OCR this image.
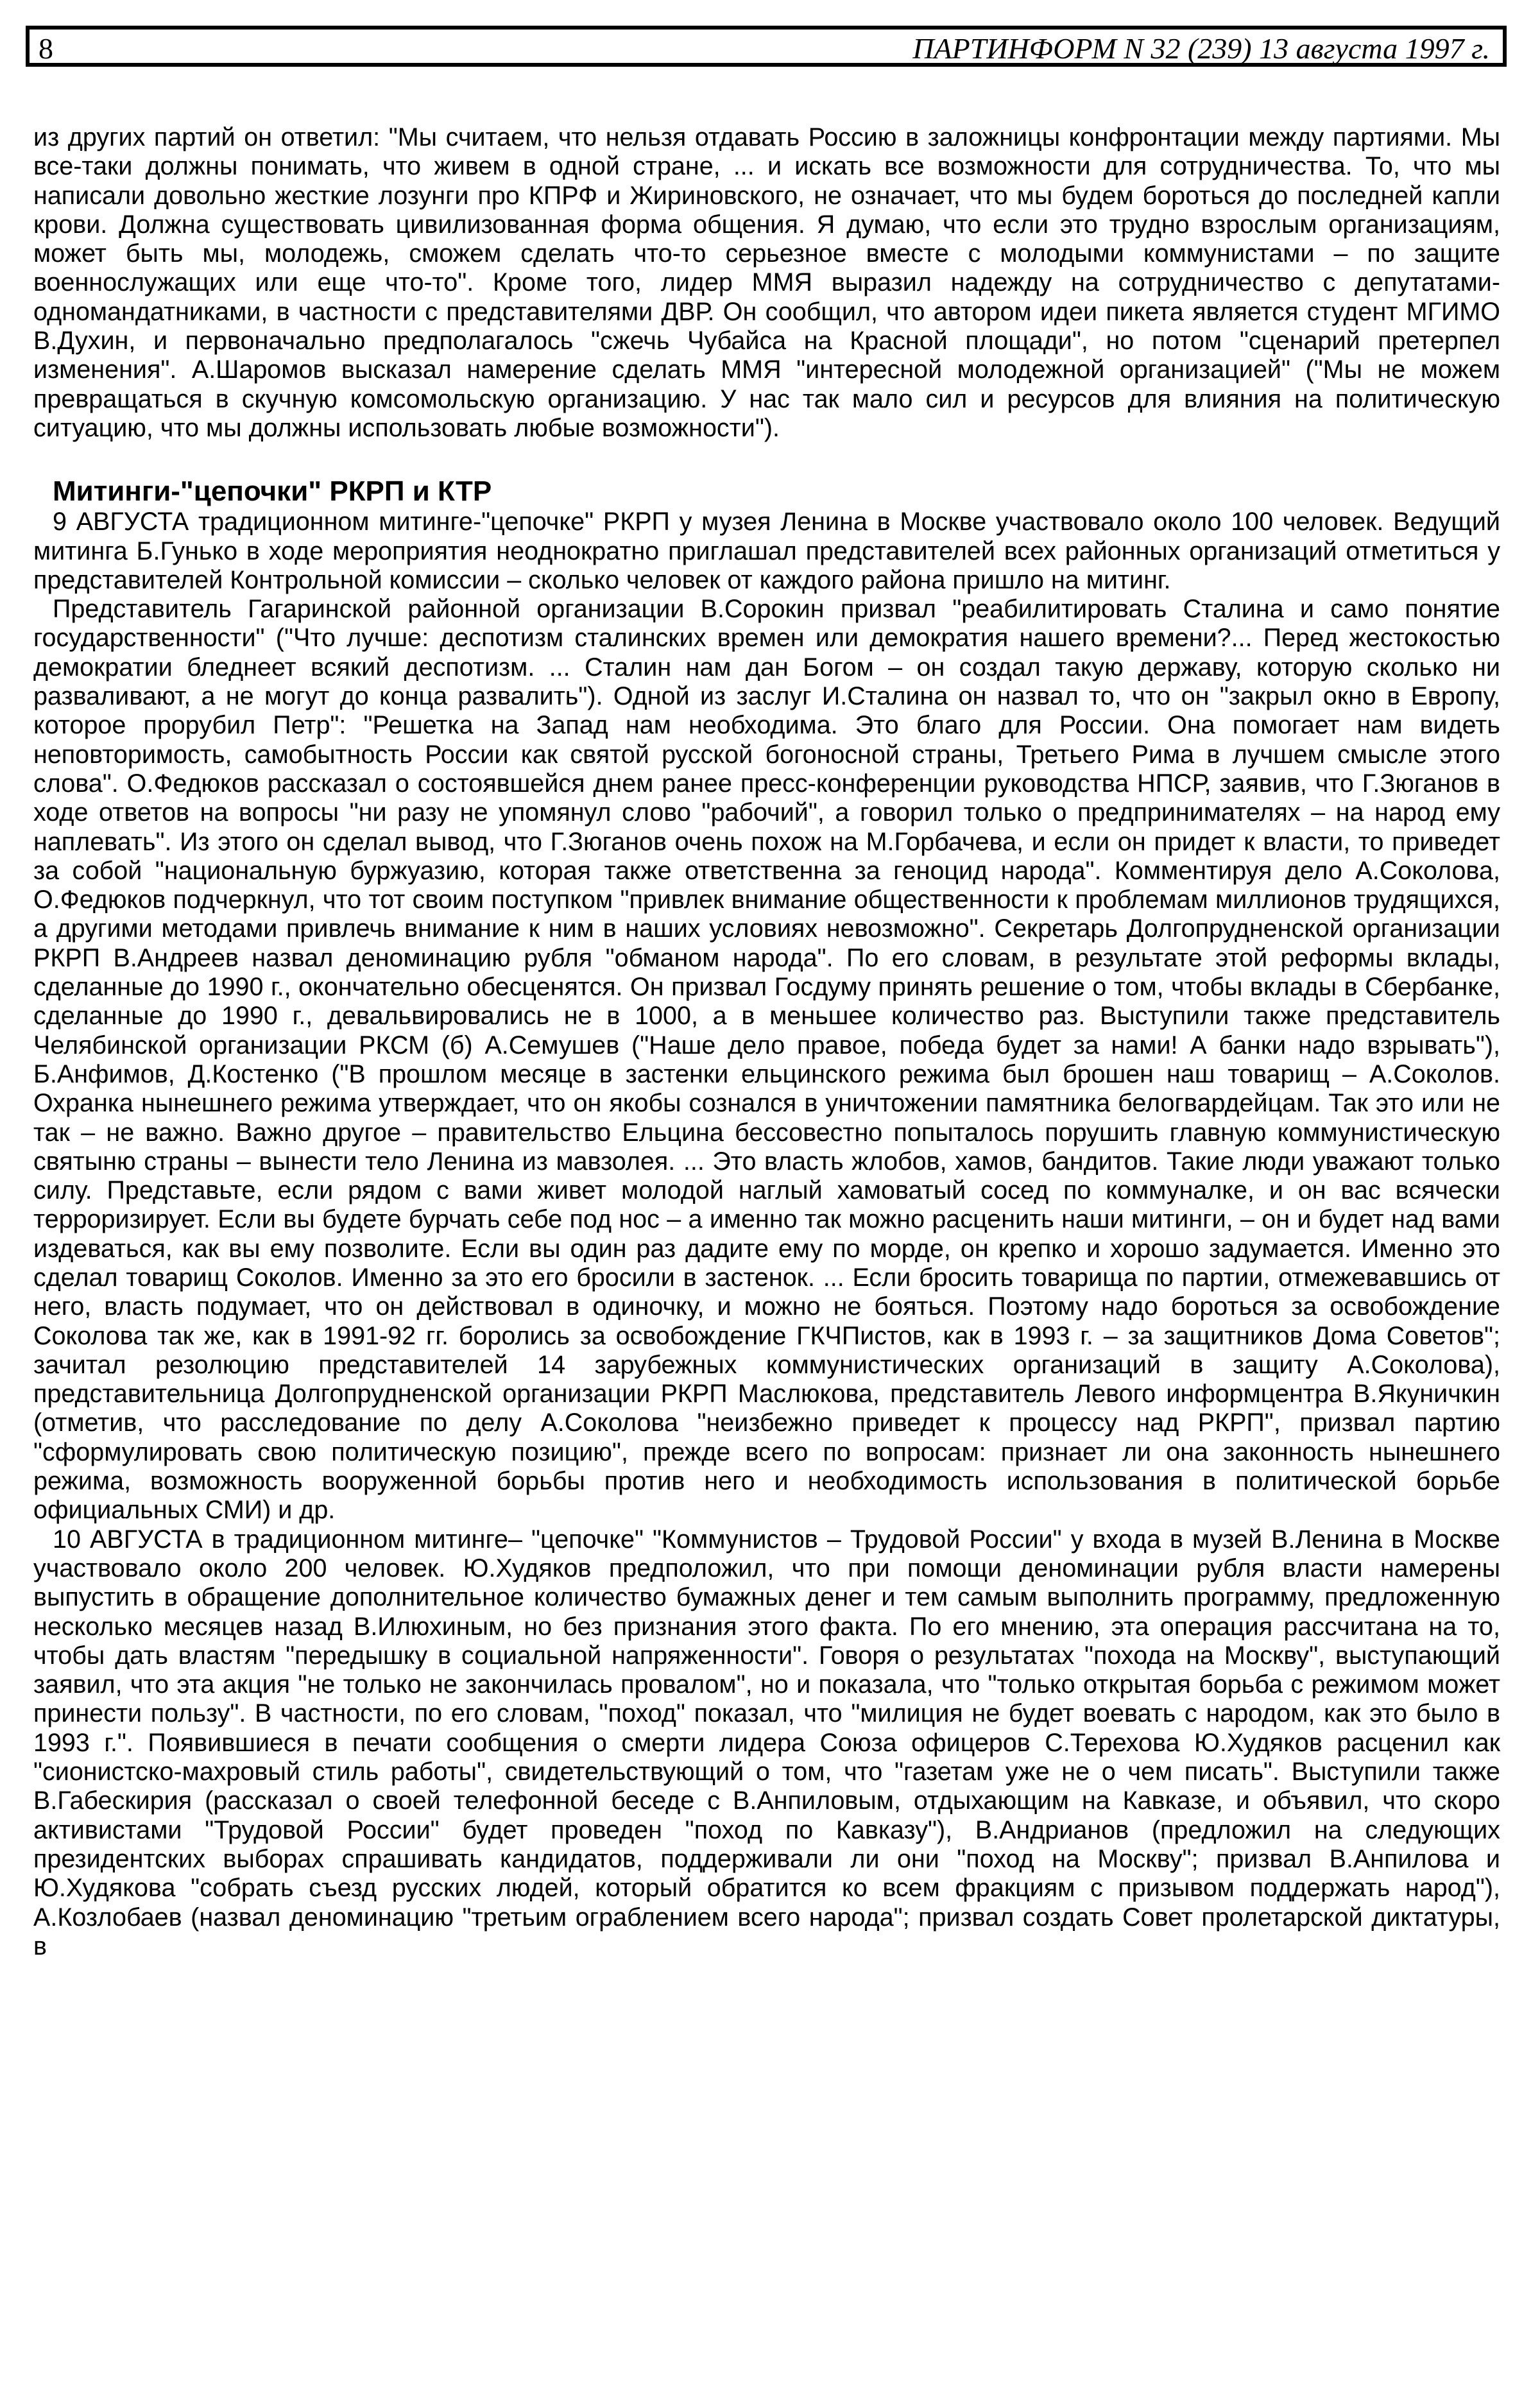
8	ПАРТИНФОРМ N 32 (239) 13 августа 1997 г.

из других партий он ответил: "Мы считаем, что нельзя отдавать Россию в заложницы конфронтации между партиями. Мы все-таки должны понимать, что живем в одной стране, ... и искать все возможности для сотрудничества. То, что мы написали довольно жесткие лозунги про КПРФ и Жириновского, не означает, что мы будем бороться до последней капли крови. Должна существовать цивилизованная форма общения. Я думаю, что если это трудно взрослым организациям, может быть мы, молодежь, сможем сделать что-то серьезное вместе с молодыми коммунистами – по защите военнослужащих или еще что-то". Кроме того, лидер ММЯ выразил надежду на сотрудничество с депутатами-одномандатниками, в частности с представителями ДВР. Он сообщил, что автором идеи пикета является студент МГИМО В.Духин, и первоначально предполагалось "сжечь Чубайса на Красной площади", но потом "сценарий претерпел изменения". А.Шаромов высказал намерение сделать ММЯ "интересной молодежной организацией" ("Мы не можем превращаться в скучную комсомольскую организацию. У нас так мало сил и ресурсов для влияния на политическую ситуацию, что мы должны использовать любые возможности").

Митинги-"цепочки" РКРП и КТР

9 АВГУСТА традиционном митинге-"цепочке" РКРП у музея Ленина в Москве участвовало около 100 человек. Ведущий митинга Б.Гунько в ходе мероприятия неоднократно приглашал представителей всех районных организаций отметиться у представителей Контрольной комиссии – сколько человек от каждого района пришло на митинг.

Представитель Гагаринской районной организации В.Сорокин призвал "реабилитировать Сталина и само понятие государственности" ("Что лучше: деспотизм сталинских времен или демократия нашего времени?... Перед жестокостью демократии бледнеет всякий деспотизм. ... Сталин нам дан Богом – он создал такую державу, которую сколько ни разваливают, а не могут до конца развалить"). Одной из заслуг И.Сталина он назвал то, что он "закрыл окно в Европу, которое прорубил Петр": "Решетка на Запад нам необходима. Это благо для России. Она помогает нам видеть неповторимость, самобытность России как святой русской богоносной страны, Третьего Рима в лучшем смысле этого слова". О.Федюков рассказал о состоявшейся днем ранее пресс-конференции руководства НПСР, заявив, что Г.Зюганов в ходе ответов на вопросы "ни разу не упомянул слово "рабочий", а говорил только о предпринимателях – на народ ему наплевать". Из этого он сделал вывод, что Г.Зюганов очень похож на М.Горбачева, и если он придет к власти, то приведет за собой "национальную буржуазию, которая также ответственна за геноцид народа". Комментируя дело А.Соколова, О.Федюков подчеркнул, что тот своим поступком "привлек внимание общественности к проблемам миллионов трудящихся, а другими методами привлечь внимание к ним в наших условиях невозможно". Секретарь Долгопрудненской организации РКРП В.Андреев назвал деноминацию рубля "обманом народа". По его словам, в результате этой реформы вклады, сделанные до 1990 г., окончательно обесценятся. Он призвал Госдуму принять решение о том, чтобы вклады в Сбербанке, сделанные до 1990 г., девальвировались не в 1000, а в меньшее количество раз. Выступили также представитель Челябинской организации РКСМ (б) А.Семушев ("Наше дело правое, победа будет за нами! А банки надо взрывать"), Б.Анфимов, Д.Костенко ("В прошлом месяце в застенки ельцинского режима был брошен наш товарищ – А.Соколов. Охранка нынешнего режима утверждает, что он якобы сознался в уничтожении памятника белогвардейцам. Так это или не так – не важно. Важно другое – правительство Ельцина бессовестно попыталось порушить главную коммунистическую святыню страны – вынести тело Ленина из мавзолея. ... Это власть жлобов, хамов, бандитов. Такие люди уважают только силу. Представьте, если рядом с вами живет молодой наглый хамоватый сосед по коммуналке, и он вас всячески терроризирует. Если вы будете бурчать себе под нос – а именно так можно расценить наши митинги, – он и будет над вами издеваться, как вы ему позволите. Если вы один раз дадите ему по морде, он крепко и хорошо задумается. Именно это сделал товарищ Соколов. Именно за это его бросили в застенок. ... Если бросить товарища по партии, отмежевавшись от него, власть подумает, что он действовал в одиночку, и можно не бояться. Поэтому надо бороться за освобождение Соколова так же, как в 1991-92 гг. боролись за освобождение ГКЧПистов, как в 1993 г. – за защитников Дома Советов"; зачитал резолюцию представителей 14 зарубежных коммунистических организаций в защиту А.Соколова), представительница Долгопрудненской организации РКРП Маслюкова, представитель Левого информцентра В.Якуничкин (отметив, что расследование по делу А.Соколова "неизбежно приведет к процессу над РКРП", призвал партию "сформулировать свою политическую позицию", прежде всего по вопросам: признает ли она законность нынешнего режима, возможность вооруженной борьбы против него и необходимость использования в политической борьбе официальных СМИ) и др.

10 АВГУСТА в традиционном митинге– "цепочке" "Коммунистов – Трудовой России" у входа в музей В.Ленина в Москве участвовало около 200 человек. Ю.Худяков предположил, что при помощи деноминации рубля власти намерены выпустить в обращение дополнительное количество бумажных денег и тем самым выполнить программу, предложенную несколько месяцев назад В.Илюхиным, но без признания этого факта. По его мнению, эта операция рассчитана на то, чтобы дать властям "передышку в социальной напряженности". Говоря о результатах "похода на Москву", выступающий заявил, что эта акция "не только не закончилась провалом", но и показала, что "только открытая борьба с режимом может принести пользу". В частности, по его словам, "поход" показал, что "милиция не будет воевать с народом, как это было в 1993 г.". Появившиеся в печати сообщения о смерти лидера Союза офицеров С.Терехова Ю.Худяков расценил как "сионистско-махровый стиль работы", свидетельствующий о том, что "газетам уже не о чем писать". Выступили также В.Габескирия (рассказал о своей телефонной беседе с В.Анпиловым, отдыхающим на Кавказе, и объявил, что скоро активистами "Трудовой России" будет проведен "поход по Кавказу"), В.Андрианов (предложил на следующих президентских выборах спрашивать кандидатов, поддерживали ли они "поход на Москву"; призвал В.Анпилова и Ю.Худякова "собрать съезд русских людей, который обратится ко всем фракциям с призывом поддержать народ"), А.Козлобаев (назвал деноминацию "третьим ограблением всего народа"; призвал создать Совет пролетарской диктатуры, в
